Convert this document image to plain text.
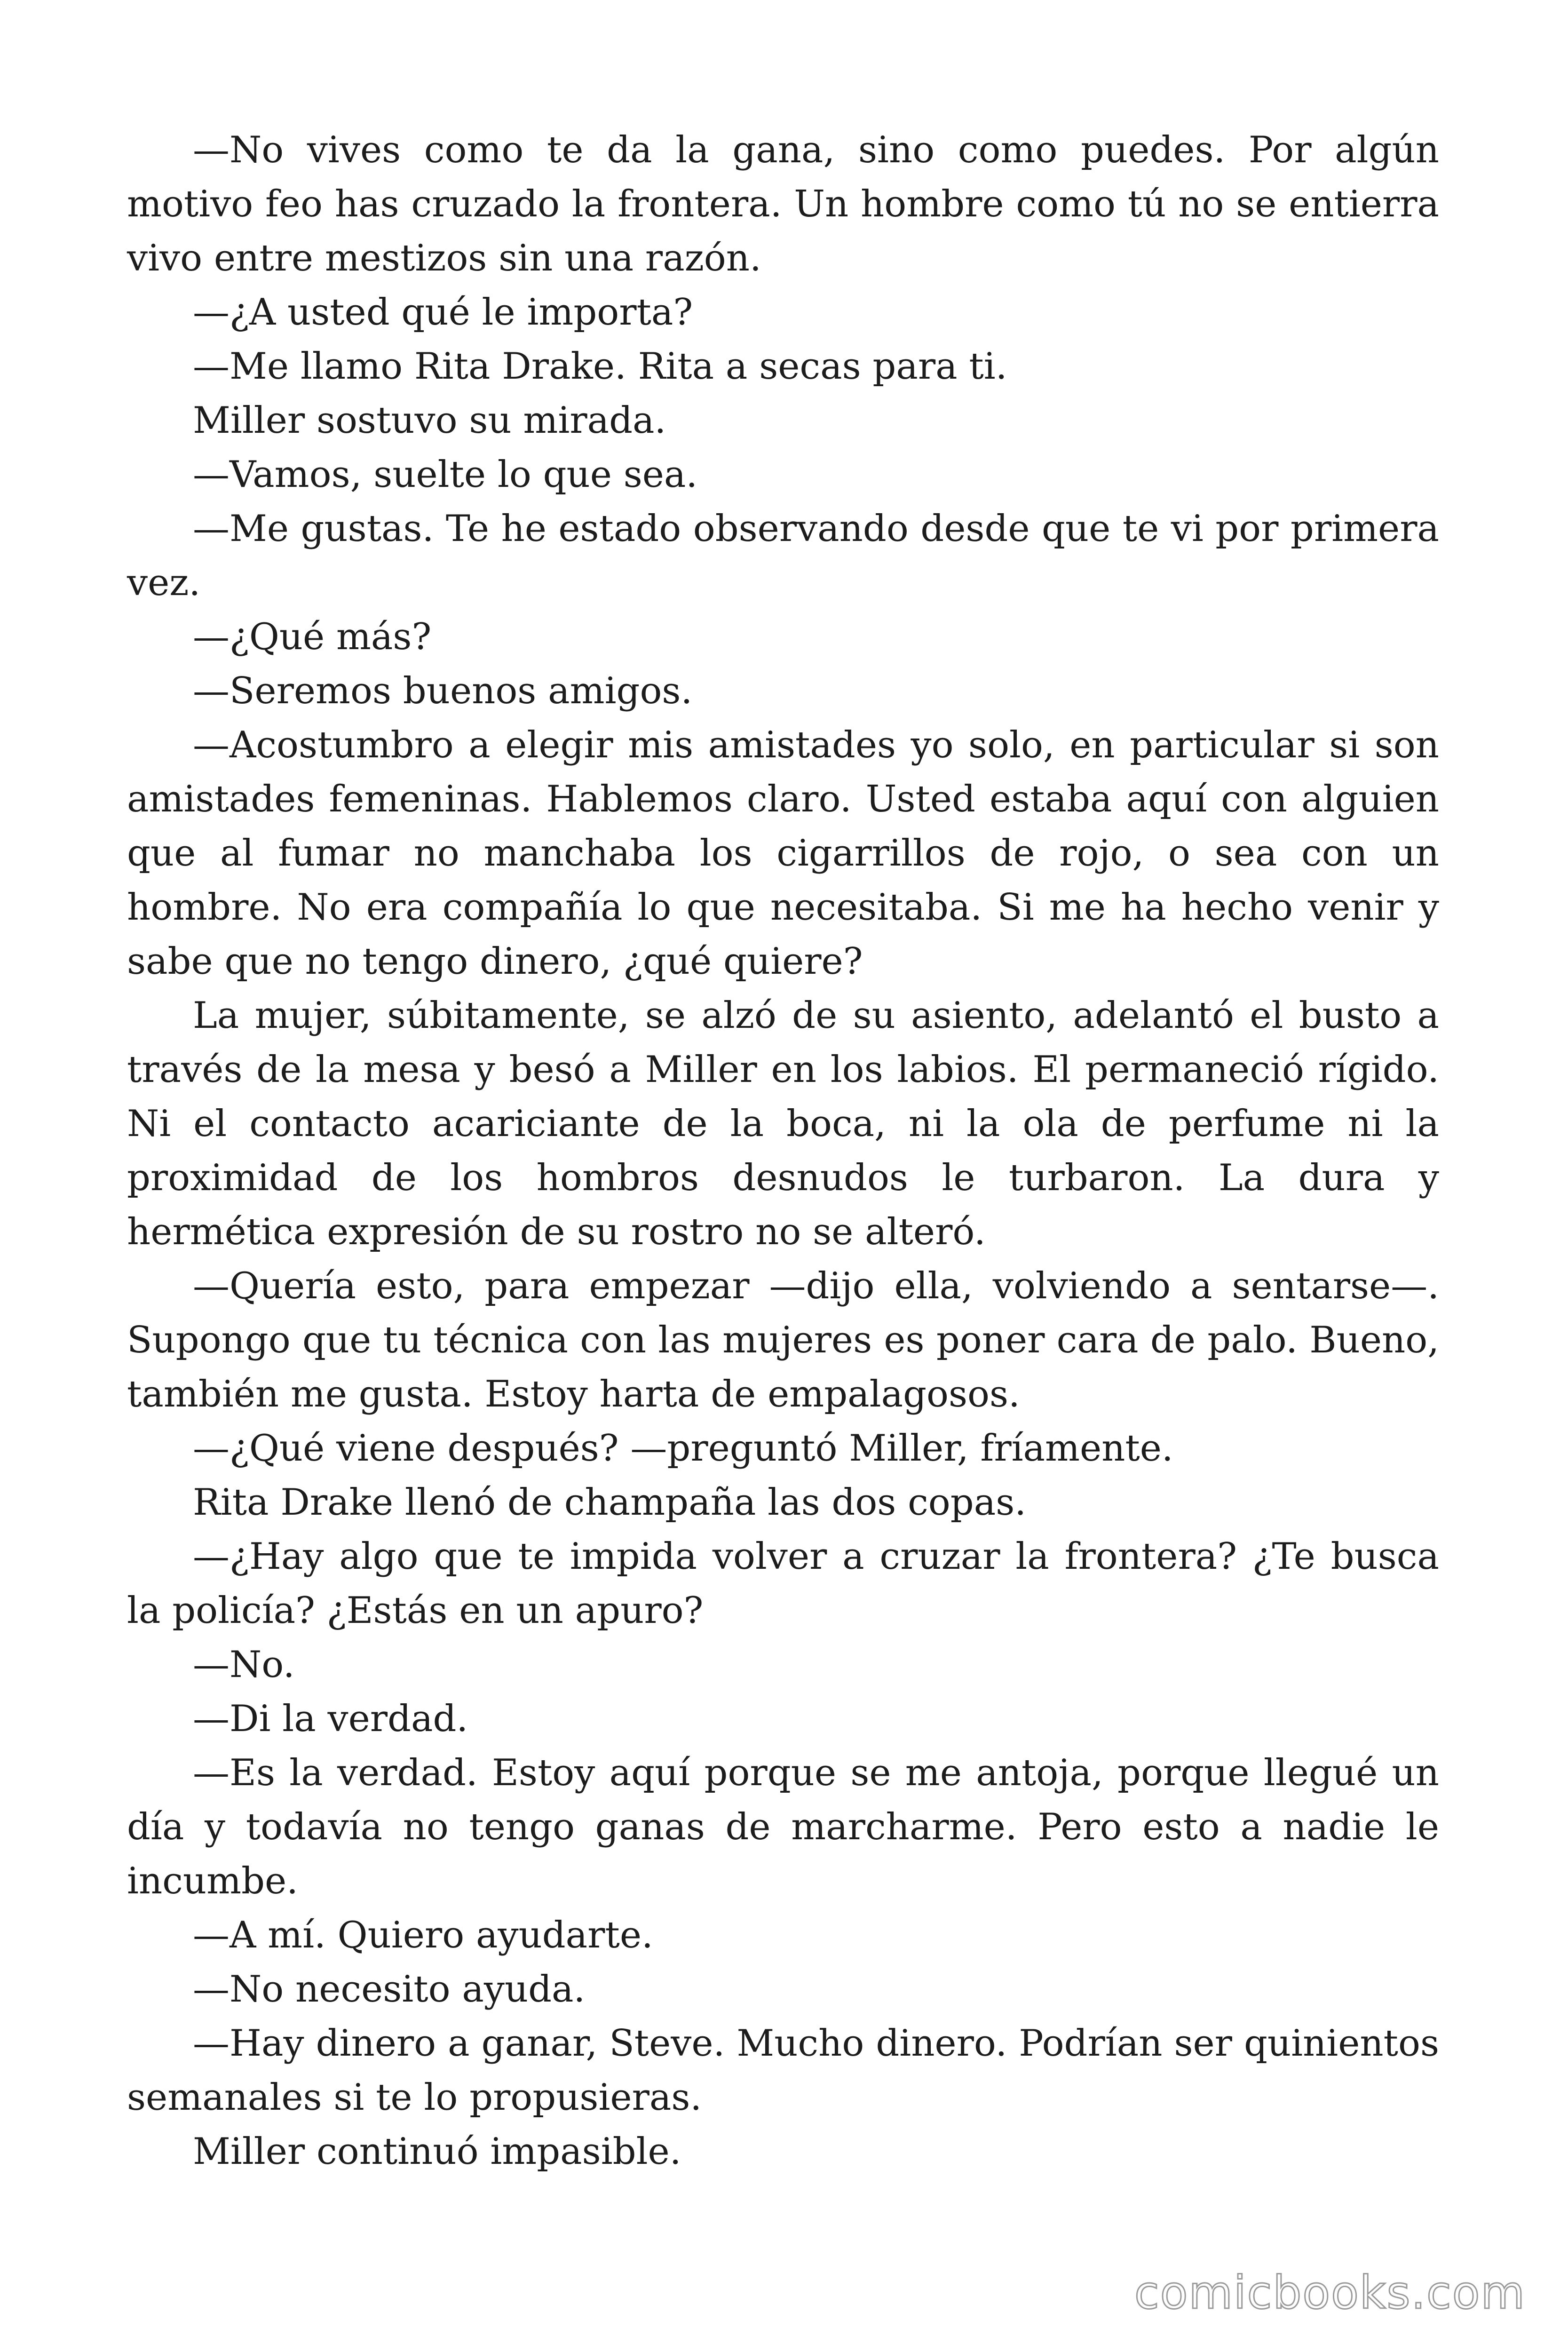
—No vives como te da la gana, sino como puedes. Por algún motivo feo has cruzado la frontera. Un hombre como tú no se entierra vivo entre mestizos sin una razón.

—¿A usted qué le importa?

—Me llamo Rita Drake. Rita a secas para ti.

Miller sostuvo su mirada.

—Vamos, suelte lo que sea.

—Me gustas. Te he estado observando desde que te vi por primera vez.

—¿Qué más?

—Seremos buenos amigos.

—Acostumbro a elegir mis amistades yo solo, en particular si son amistades femeninas. Hablemos claro. Usted estaba aquí con alguien que al fumar no manchaba los cigarrillos de rojo, o sea con un hombre. No era compañía lo que necesitaba. Si me ha hecho venir y sabe que no tengo dinero, ¿qué quiere?

La mujer, súbitamente, se alzó de su asiento, adelantó el busto a través de la mesa y besó a Miller en los labios. El permaneció rígido. Ni el contacto acariciante de la boca, ni la ola de perfume ni la proximidad de los hombros desnudos le turbaron. La dura y hermética expresión de su rostro no se alteró.

—Quería esto, para empezar —dijo ella, volviendo a sentarse—. Supongo que tu técnica con las mujeres es poner cara de palo. Bueno, también me gusta. Estoy harta de empalagosos.

—¿Qué viene después? —preguntó Miller, fríamente.

Rita Drake llenó de champaña las dos copas.

—¿Hay algo que te impida volver a cruzar la frontera? ¿Te busca la policía? ¿Estás en un apuro?

—No.

—Di la verdad.

—Es la verdad. Estoy aquí porque se me antoja, porque llegué un día y todavía no tengo ganas de marcharme. Pero esto a nadie le incumbe.

—A mí. Quiero ayudarte.

—No necesito ayuda.

—Hay dinero a ganar, Steve. Mucho dinero. Podrían ser quinientos semanales si te lo propusieras.

Miller continuó impasible.

comicbooks.com
